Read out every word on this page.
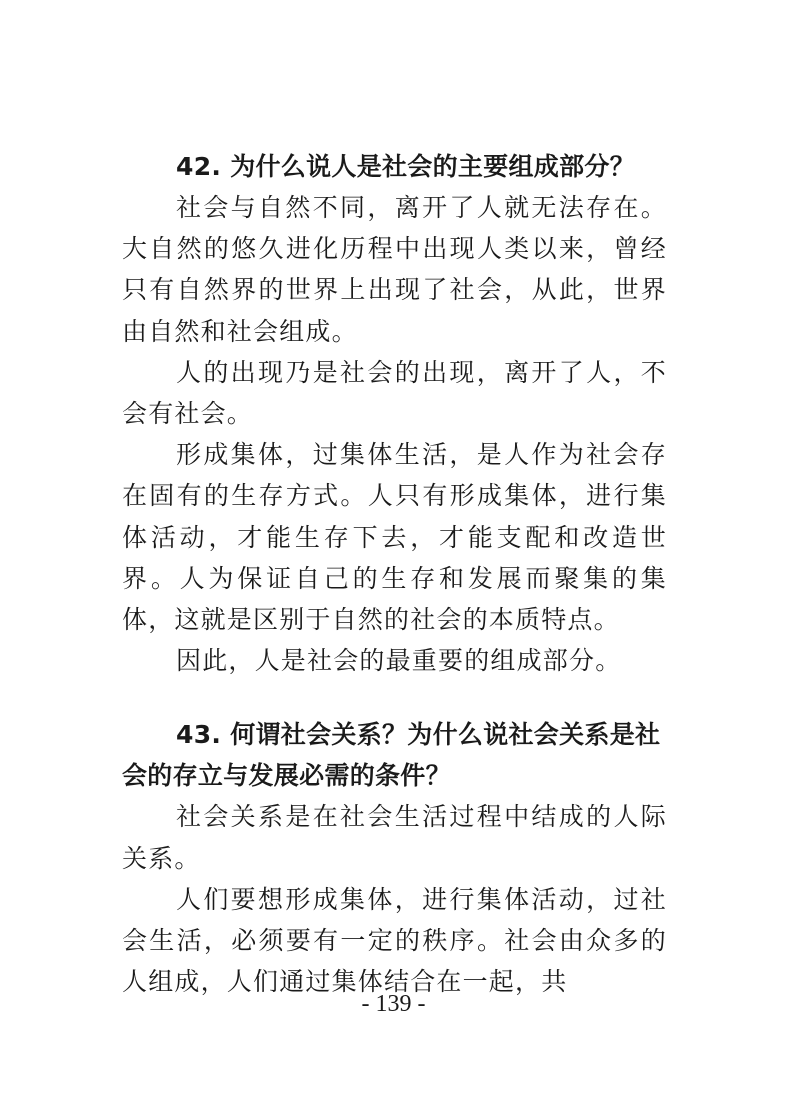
42. 为什么说人是社会的主要组成部分？

社会与自然不同，离开了人就无法存在。大自然的悠久进化历程中出现人类以来，曾经只有自然界的世界上出现了社会，从此，世界由自然和社会组成。

人的出现乃是社会的出现，离开了人，不会有社会。

形成集体，过集体生活，是人作为社会存在固有的生存方式。人只有形成集体，进行集体活动，才能生存下去，才能支配和改造世界。人为保证自己的生存和发展而聚集的集体，这就是区别于自然的社会的本质特点。

因此，人是社会的最重要的组成部分。

43. 何谓社会关系？为什么说社会关系是社会的存立与发展必需的条件？

社会关系是在社会生活过程中结成的人际关系。

人们要想形成集体，进行集体活动，过社会生活，必须要有一定的秩序。社会由众多的人组成，人们通过集体结合在一起，共

- 139 -
